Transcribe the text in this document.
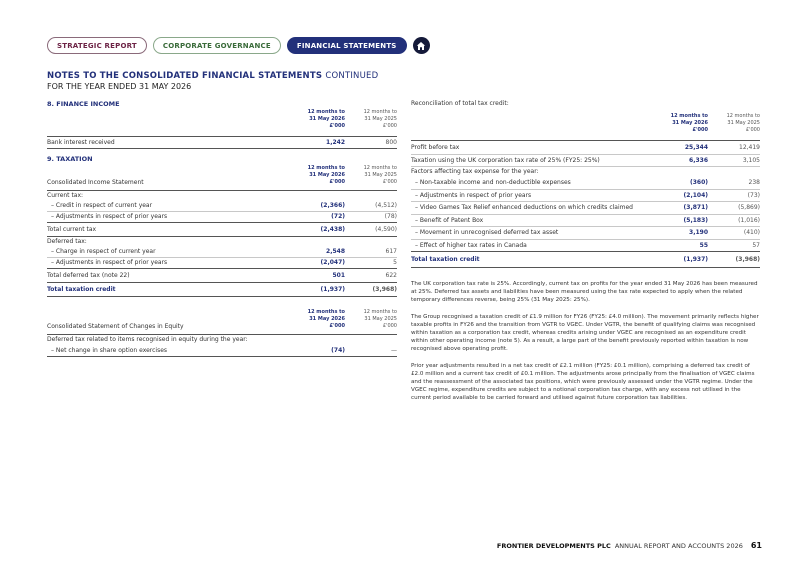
STRATEGIC REPORT	CORPORATE GOVERNANCE	FINANCIAL STATEMENTS
NOTES TO THE CONSOLIDATED FINANCIAL STATEMENTS CONTINUED
FOR THE YEAR ENDED 31 MAY 2026
8. FINANCE INCOME
12 months to
31 May 2026
£'000
12 months to
31 May 2025
£'000
Bank interest received	1,242	800
9. TAXATION
Consolidated Income Statement
12 months to
31 May 2026
£'000
12 months to
31 May 2025
£'000
Current tax:
– Credit in respect of current year	(2,366)	(4,512)
– Adjustments in respect of prior years	(72)	(78)
Total current tax	(2,438)	(4,590)
Deferred tax:
– Charge in respect of current year	2,548	617
– Adjustments in respect of prior years	(2,047)	5
Total deferred tax (note 22)	501	622
Total taxation credit	(1,937)	(3,968)
Consolidated Statement of Changes in Equity
12 months to
31 May 2026
£'000
12 months to
31 May 2025
£'000
Deferred tax related to items recognised in equity during the year:
– Net change in share option exercises	(74)	—
Reconciliation of total tax credit:
12 months to
31 May 2026
£'000
12 months to
31 May 2025
£'000
Profit before tax	25,344	12,419
Taxation using the UK corporation tax rate of 25% (FY25: 25%)	6,336	3,105
Factors affecting tax expense for the year:
– Non-taxable income and non-deductible expenses	(360)	238
– Adjustments in respect of prior years	(2,104)	(73)
– Video Games Tax Relief enhanced deductions on which credits claimed	(3,871)	(5,869)
– Benefit of Patent Box	(5,183)	(1,016)
– Movement in unrecognised deferred tax asset	3,190	(410)
– Effect of higher tax rates in Canada	55	57
Total taxation credit	(1,937)	(3,968)

The UK corporation tax rate is 25%. Accordingly, current tax on profits for the year ended 31 May 2026 has been measured at 25%. Deferred tax assets and liabilities have been measured using the tax rate expected to apply when the related temporary differences reverse, being 25% (31 May 2025: 25%).

The Group recognised a taxation credit of £1.9 million for FY26 (FY25: £4.0 million). The movement primarily reflects higher taxable profits in FY26 and the transition from VGTR to VGEC. Under VGTR, the benefit of qualifying claims was recognised within taxation as a corporation tax credit, whereas credits arising under VGEC are recognised as an expenditure credit within other operating income (note 5). As a result, a large part of the benefit previously reported within taxation is now recognised above operating profit.

Prior year adjustments resulted in a net tax credit of £2.1 million (FY25: £0.1 million), comprising a deferred tax credit of £2.0 million and a current tax credit of £0.1 million. The adjustments arose principally from the finalisation of VGEC claims and the reassessment of the associated tax positions, which were previously assessed under the VGTR regime. Under the VGEC regime, expenditure credits are subject to a notional corporation tax charge, with any excess not utilised in the current period available to be carried forward and utilised against future corporation tax liabilities.

FRONTIER DEVELOPMENTS PLC ANNUAL REPORT AND ACCOUNTS 2026 61
